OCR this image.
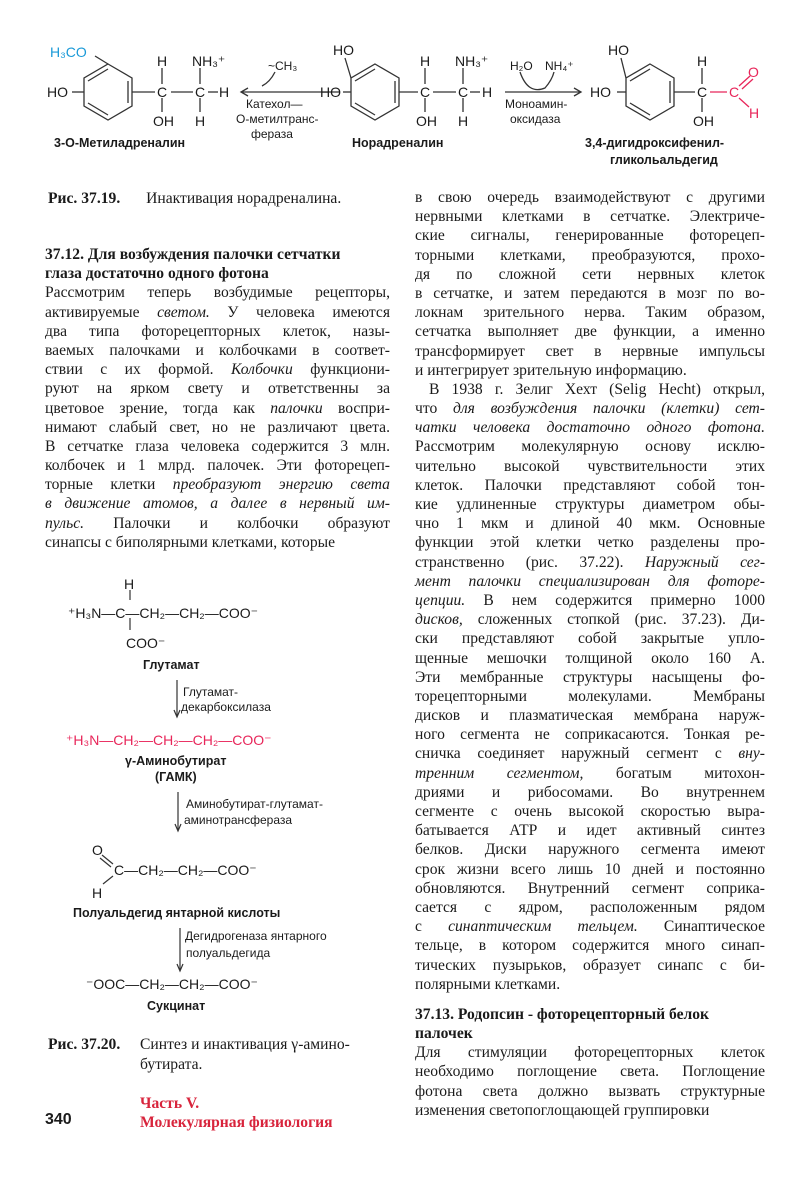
H₃CO
HO
H NH₃⁺
C C H
OH H
3-О-Метиладреналин
~CH₃
Катехол—
О-метилтранс-
фераза
HO
HO
H NH₃⁺
C C H
OH H
Норадреналин
H₂O NH₄⁺
Моноамин-
оксидаза
HO
HO
H
C
OH
C
O
H
3,4-дигидроксифенил-
гликольальдегид
H
⁺H₃N—C—CH₂—CH₂—COO⁻
COO⁻
Глутамат
Глутамат-
декарбоксилаза
⁺H₃N—CH₂—CH₂—CH₂—COO⁻
γ-Аминобутират
(ГАМК)
Аминобутират-глутамат-
аминотрансфераза
O
C—CH₂—CH₂—COO⁻
H
Полуальдегид янтарной кислоты
Дегидрогеназа янтарного
полуальдегида
⁻OOC—CH₂—CH₂—COO⁻
Сукцинат
Рис. 37.19. Инактивация норадреналина.
37.12. Для возбуждения палочки сетчатки
глаза достаточно одного фотона
Рассмотрим теперь возбудимые рецепторы,
активируемые светом. У человека имеются
два типа фоторецепторных клеток, назы-
ваемых палочками и колбочками в соответ-
ствии с их формой. Колбочки функциони-
руют на ярком свету и ответственны за
цветовое зрение, тогда как палочки воспри-
нимают слабый свет, но не различают цвета.
В сетчатке глаза человека содержится 3 млн.
колбочек и 1 млрд. палочек. Эти фоторецеп-
торные клетки преобразуют энергию света
в движение атомов, а далее в нервный им-
пульс. Палочки и колбочки образуют
синапсы с биполярными клетками, которые
в свою очередь взаимодействуют с другими
нервными клетками в сетчатке. Электриче-
ские сигналы, генерированные фоторецеп-
торными клетками, преобразуются, прохо-
дя по сложной сети нервных клеток
в сетчатке, и затем передаются в мозг по во-
локнам зрительного нерва. Таким образом,
сетчатка выполняет две функции, а именно
трансформирует свет в нервные импульсы
и интегрирует зрительную информацию.
В 1938 г. Зелиг Хехт (Selig Hecht) открыл,
что для возбуждения палочки (клетки) сет-
чатки человека достаточно одного фотона.
Рассмотрим молекулярную основу исклю-
чительно высокой чувствительности этих
клеток. Палочки представляют собой тон-
кие удлиненные структуры диаметром обы-
чно 1 мкм и длиной 40 мкм. Основные
функции этой клетки четко разделены про-
странственно (рис. 37.22). Наружный сег-
мент палочки специализирован для фоторе-
цепции. В нем содержится примерно 1000
дисков, сложенных стопкой (рис. 37.23). Ди-
ски представляют собой закрытые упло-
щенные мешочки толщиной около 160 А.
Эти мембранные структуры насыщены фо-
торецепторными молекулами. Мембраны
дисков и плазматическая мембрана наруж-
ного сегмента не соприкасаются. Тонкая ре-
сничка соединяет наружный сегмент с вну-
тренним сегментом, богатым митохон-
дриями и рибосомами. Во внутреннем
сегменте с очень высокой скоростью выра-
батывается АТР и идет активный синтез
белков. Диски наружного сегмента имеют
срок жизни всего лишь 10 дней и постоянно
обновляются. Внутренний сегмент соприка-
сается с ядром, расположенным рядом
с синаптическим тельцем. Синаптическое
тельце, в котором содержится много синап-
тических пузырьков, образует синапс с би-
полярными клетками.
37.13. Родопсин - фоторецепторный белок
палочек
Для стимуляции фоторецепторных клеток
необходимо поглощение света. Поглощение
фотона света должно вызвать структурные
изменения светопоглощающей группировки
Рис. 37.20. Синтез и инактивация γ-амино-
бутирата.
340
Часть V.
Молекулярная физиология
